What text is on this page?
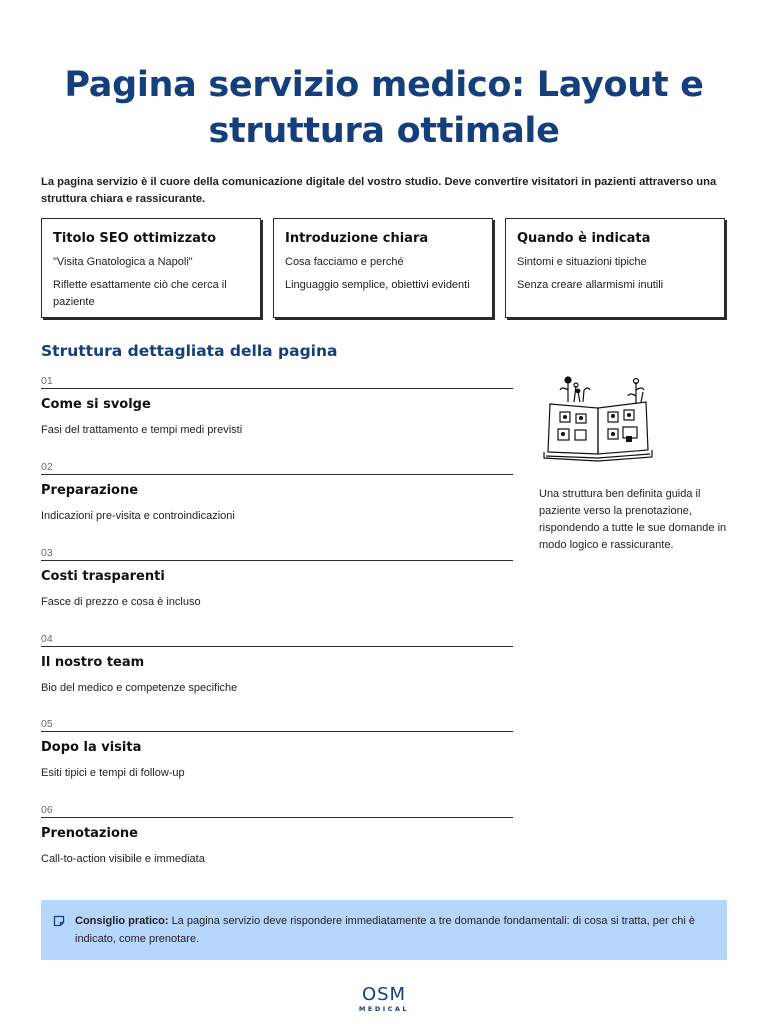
Pagina servizio medico: Layout e
struttura ottimale

La pagina servizio è il cuore della comunicazione digitale del vostro studio. Deve convertire visitatori in pazienti attraverso una struttura chiara e rassicurante.

Titolo SEO ottimizzato

"Visita Gnatologica a Napoli"

Riflette esattamente ciò che cerca il paziente

Introduzione chiara

Cosa facciamo e perché

Linguaggio semplice, obiettivi evidenti

Quando è indicata

Sintomi e situazioni tipiche

Senza creare allarmismi inutili

Struttura dettagliata della pagina
01
Come si svolge
Fasi del trattamento e tempi medi previsti
02
Preparazione
Indicazioni pre-visita e controindicazioni
03
Costi trasparenti
Fasce di prezzo e cosa è incluso
04
Il nostro team
Bio del medico e competenze specifiche
05
Dopo la visita
Esiti tipici e tempi di follow-up
06
Prenotazione
Call-to-action visibile e immediata

Una struttura ben definita guida il paziente verso la prenotazione, rispondendo a tutte le sue domande in modo logico e rassicurante.

Consiglio pratico: La pagina servizio deve rispondere immediatamente a tre domande fondamentali: di cosa si tratta, per chi è indicato, come prenotare.
OSM
MEDICAL
